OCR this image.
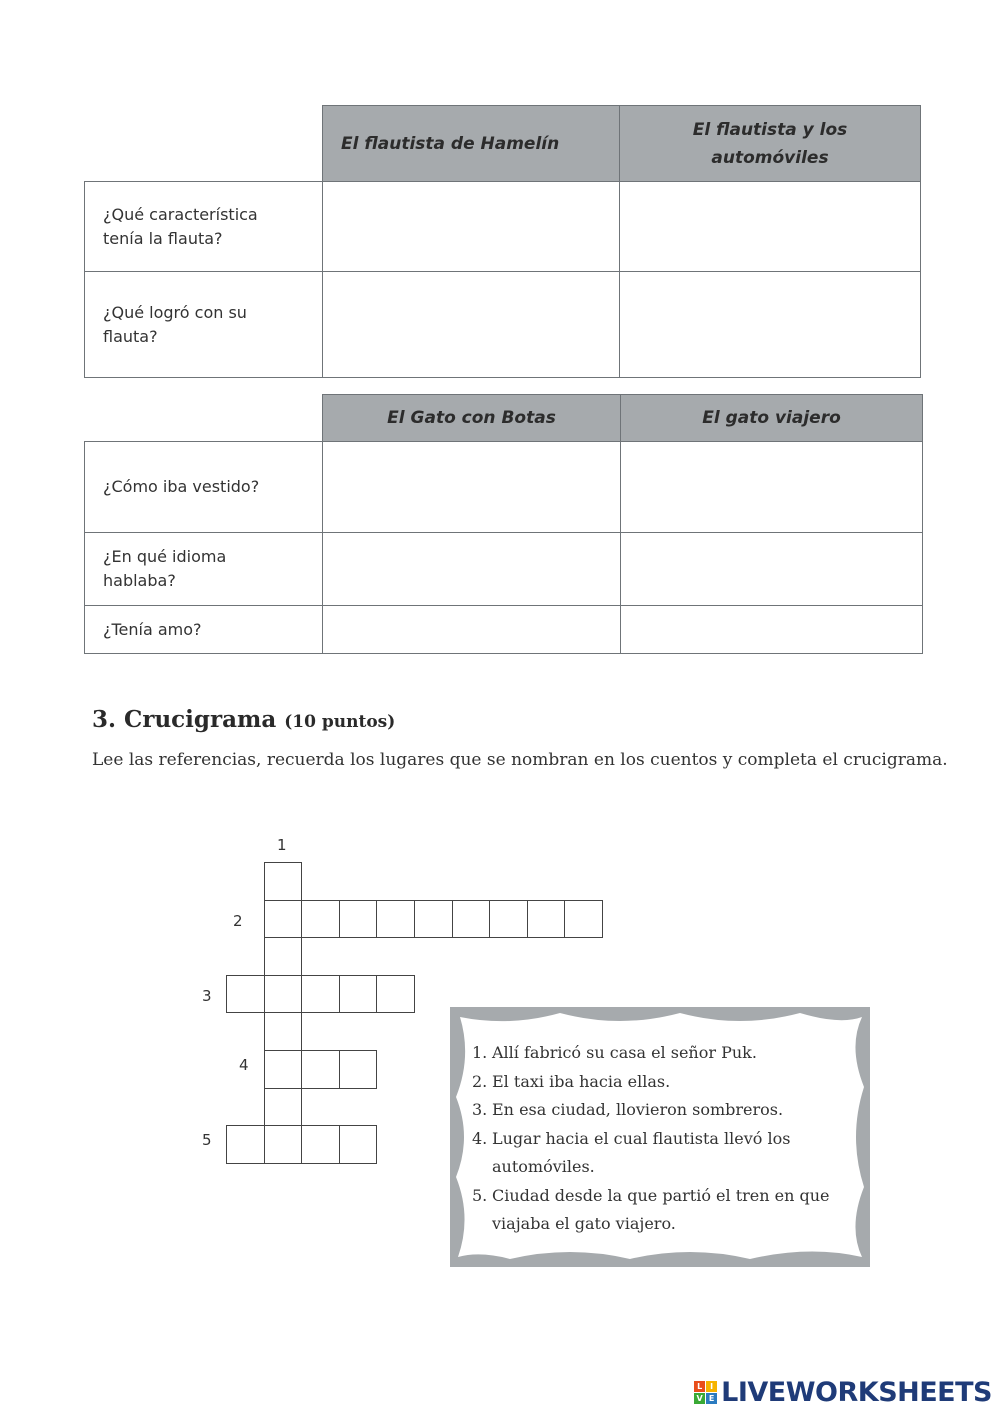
	El flautista de Hamelín	El flautista y los automóviles
¿Qué característica tenía la flauta?		
¿Qué logró con su flauta?		
	El Gato con Botas	El gato viajero
¿Cómo iba vestido?		
¿En qué idioma hablaba?		
¿Tenía amo?		
3. Crucigrama (10 puntos)
Lee las referencias, recuerda los lugares que se nombran en los cuentos y completa el crucigrama.
1
2
3
4
5
1. Allí fabricó su casa el señor Puk.
2. El taxi iba hacia ellas.
3. En esa ciudad, llovieron sombreros.
4. Lugar hacia el cual flautista llevó los automóviles.
5. Ciudad desde la que partió el tren en que viajaba el gato viajero.
L I
V E LIVEWORKSHEETS
